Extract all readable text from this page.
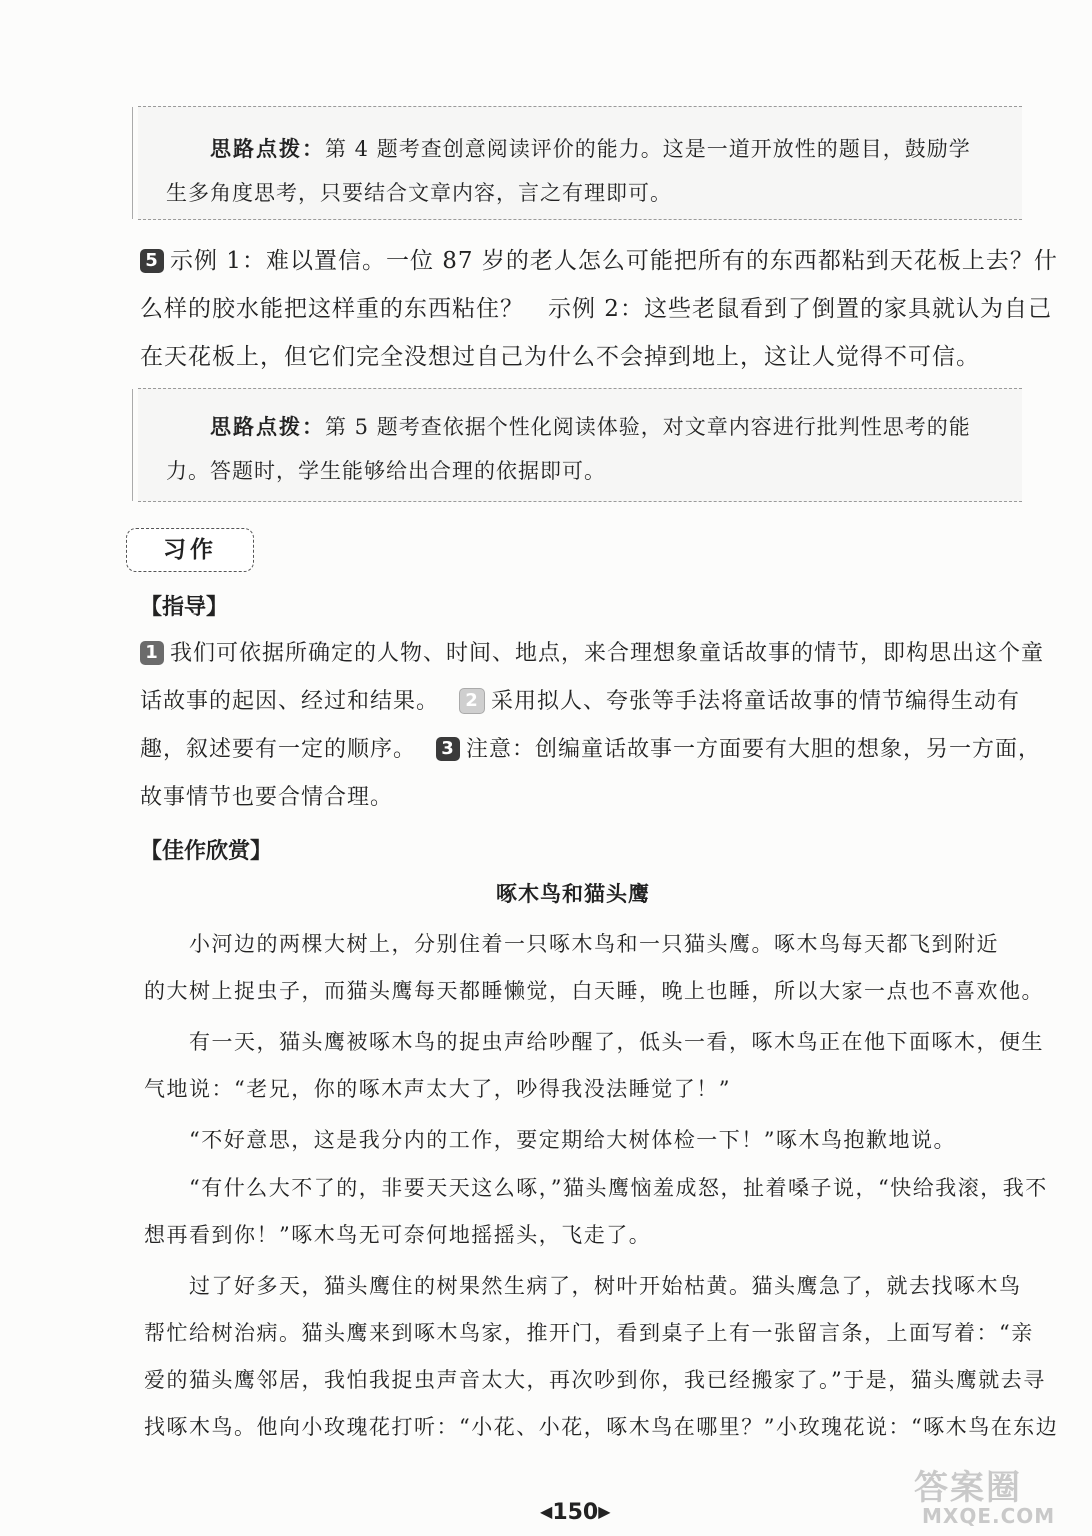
思路点拨：第 4 题考查创意阅读评价的能力。这是一道开放性的题目，鼓励学

生多角度思考，只要结合文章内容，言之有理即可。

5 示例 1：难以置信。一位 87 岁的老人怎么可能把所有的东西都粘到天花板上去？什
么样的胶水能把这样重的东西粘住？　示例 2：这些老鼠看到了倒置的家具就认为自己
在天花板上，但它们完全没想过自己为什么不会掉到地上，这让人觉得不可信。

思路点拨：第 5 题考查依据个性化阅读体验，对文章内容进行批判性思考的能

力。答题时，学生能够给出合理的依据即可。

习作
【指导】
1 我们可依据所确定的人物、时间、地点，来合理想象童话故事的情节，即构思出这个童
话故事的起因、经过和结果。 2 采用拟人、夸张等手法将童话故事的情节编得生动有
趣，叙述要有一定的顺序。 3 注意：创编童话故事一方面要有大胆的想象，另一方面，
故事情节也要合情合理。
【佳作欣赏】
啄木鸟和猫头鹰
　　小河边的两棵大树上，分别住着一只啄木鸟和一只猫头鹰。啄木鸟每天都飞到附近
的大树上捉虫子，而猫头鹰每天都睡懒觉，白天睡，晚上也睡，所以大家一点也不喜欢他。
　　有一天，猫头鹰被啄木鸟的捉虫声给吵醒了，低头一看，啄木鸟正在他下面啄木，便生
气地说：“老兄，你的啄木声太大了，吵得我没法睡觉了！”
　　“不好意思，这是我分内的工作，要定期给大树体检一下！”啄木鸟抱歉地说。
　　“有什么大不了的，非要天天这么啄，”猫头鹰恼羞成怒，扯着嗓子说，“快给我滚，我不
想再看到你！”啄木鸟无可奈何地摇摇头，飞走了。
　　过了好多天，猫头鹰住的树果然生病了，树叶开始枯黄。猫头鹰急了，就去找啄木鸟
帮忙给树治病。猫头鹰来到啄木鸟家，推开门，看到桌子上有一张留言条，上面写着：“亲
爱的猫头鹰邻居，我怕我捉虫声音太大，再次吵到你，我已经搬家了。”于是，猫头鹰就去寻
找啄木鸟。他向小玫瑰花打听：“小花、小花，啄木鸟在哪里？”小玫瑰花说：“啄木鸟在东边
◀150▶
答案圈
MXQE.COM
